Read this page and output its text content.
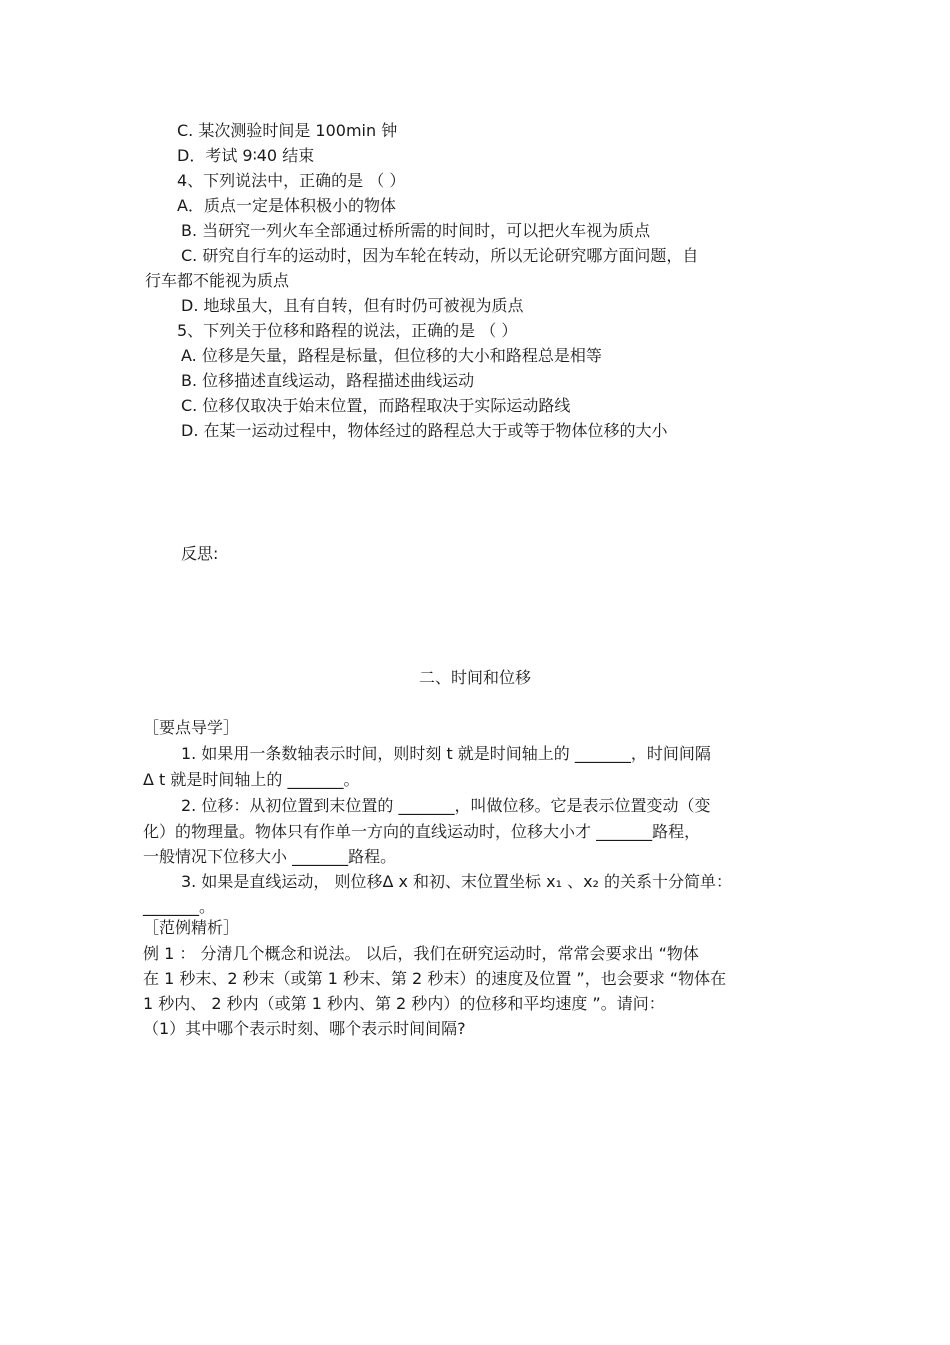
C. 某次测验时间是 100min 钟
D．考试 9∶40 结束
4、下列说法中，正确的是 （ ）
A．质点一定是体积极小的物体
B. 当研究一列火车全部通过桥所需的时间时，可以把火车视为质点
C. 研究自行车的运动时，因为车轮在转动，所以无论研究哪方面问题，自
行车都不能视为质点
D. 地球虽大，且有自转，但有时仍可被视为质点
5、下列关于位移和路程的说法，正确的是 （ ）
A. 位移是矢量，路程是标量，但位移的大小和路程总是相等
B. 位移描述直线运动，路程描述曲线运动
C. 位移仅取决于始末位置，而路程取决于实际运动路线
D. 在某一运动过程中，物体经过的路程总大于或等于物体位移的大小
反思:
二、时间和位移
［要点导学］
1. 如果用一条数轴表示时间，则时刻 t 就是时间轴上的 _______，时间间隔
Δ t 就是时间轴上的 _______。
2. 位移：从初位置到末位置的 _______，叫做位移。它是表示位置变动（变
化）的物理量。物体只有作单一方向的直线运动时，位移大小才 _______路程，
一般情况下位移大小 _______路程。
3. 如果是直线运动， 则位移Δ x 和初、末位置坐标 x₁ 、x₂ 的关系十分简单：
_______。
［范例精析］
例 1 ： 分清几个概念和说法。 以后，我们在研究运动时，常常会要求出 “物体
在 1 秒末、2 秒末（或第 1 秒末、第 2 秒末）的速度及位置 ”，也会要求 “物体在
1 秒内、 2 秒内（或第 1 秒内、第 2 秒内）的位移和平均速度 ”。请问：
（1）其中哪个表示时刻、哪个表示时间间隔?
